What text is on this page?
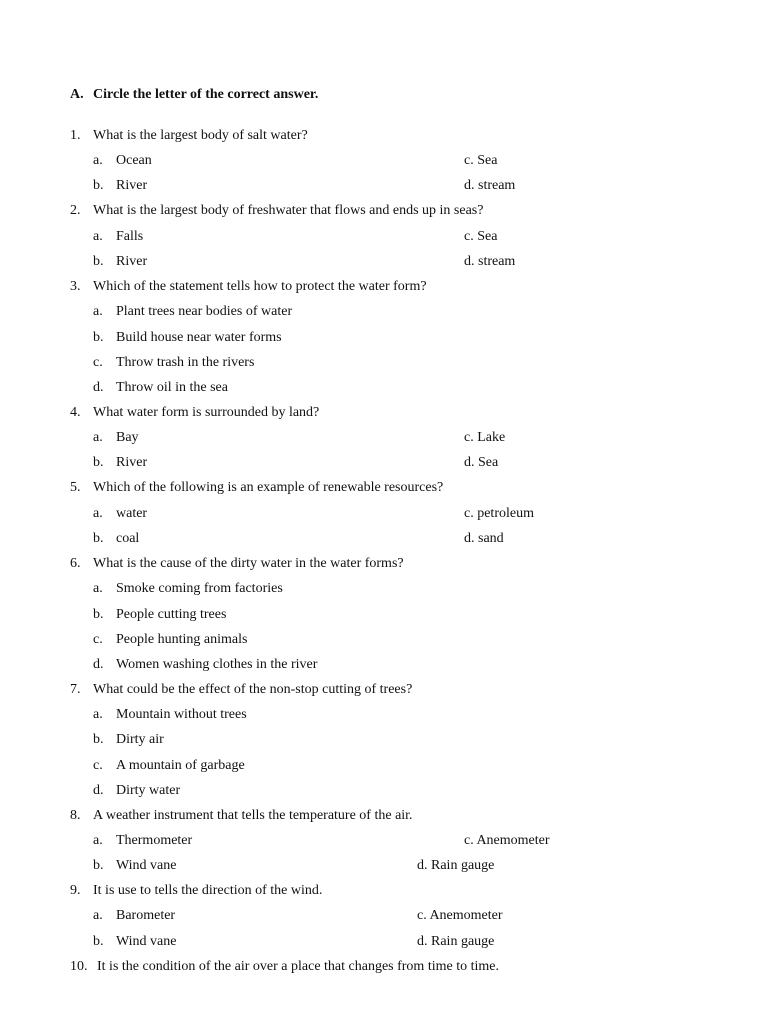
A. Circle the letter of the correct answer.
1. What is the largest body of salt water?
a. Ocean
b. River
c. Sea
d. stream
2. What is the largest body of freshwater that flows and ends up in seas?
a. Falls
b. River
c. Sea
d. stream
3. Which of the statement tells how to protect the water form?
a. Plant trees near bodies of water
b. Build house near water forms
c. Throw trash in the rivers
d. Throw oil in the sea
4. What water form is surrounded by land?
a. Bay
b. River
c. Lake
d. Sea
5. Which of the following is an example of renewable resources?
a. water
b. coal
c. petroleum
d. sand
6. What is the cause of the dirty water in the water forms?
a. Smoke coming from factories
b. People cutting trees
c. People hunting animals
d. Women washing clothes in the river
7. What could be the effect of the non-stop cutting of trees?
a. Mountain without trees
b. Dirty air
c. A mountain of garbage
d. Dirty water
8. A weather instrument that tells the temperature of the air.
a. Thermometer
b. Wind vane
c. Anemometer
d. Rain gauge
9. It is use to tells the direction of the wind.
a. Barometer
b. Wind vane
c. Anemometer
d. Rain gauge
10. It is the condition of the air over a place that changes from time to time.
